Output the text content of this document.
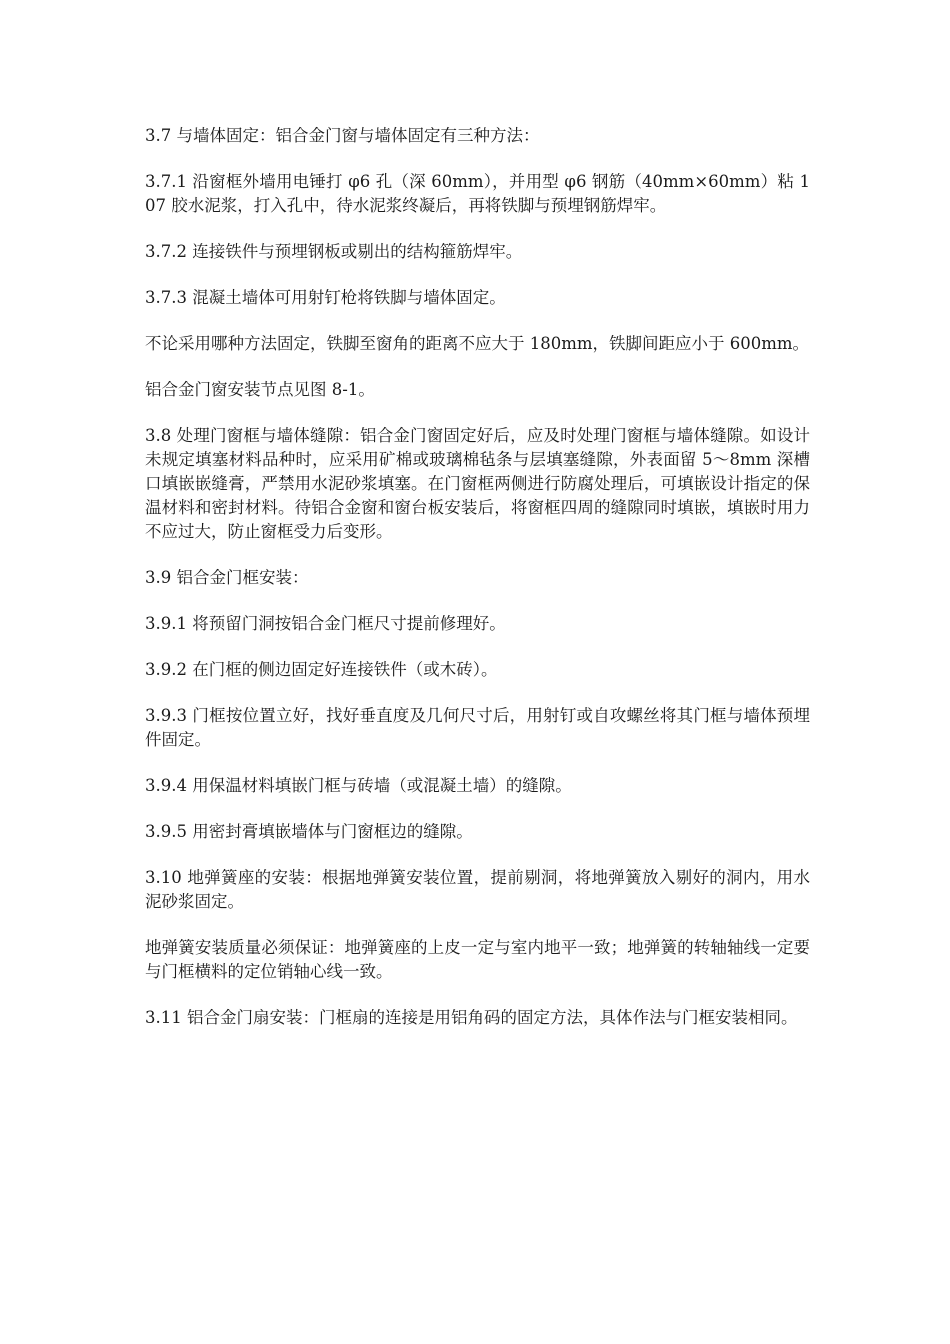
3.7 与墙体固定：铝合金门窗与墙体固定有三种方法：

3.7.1 沿窗框外墙用电锤打 φ6 孔（深 60mm），并用型 φ6 钢筋（40mm×60mm）粘 107 胶水泥浆，打入孔中，待水泥浆终凝后，再将铁脚与预埋钢筋焊牢。

3.7.2 连接铁件与预埋钢板或剔出的结构箍筋焊牢。

3.7.3 混凝土墙体可用射钉枪将铁脚与墙体固定。

不论采用哪种方法固定，铁脚至窗角的距离不应大于 180mm，铁脚间距应小于 600mm。

铝合金门窗安装节点见图 8-1。

3.8 处理门窗框与墙体缝隙：铝合金门窗固定好后，应及时处理门窗框与墙体缝隙。如设计未规定填塞材料品种时，应采用矿棉或玻璃棉毡条与层填塞缝隙，外表面留 5～8mm 深槽口填嵌嵌缝膏，严禁用水泥砂浆填塞。在门窗框两侧进行防腐处理后，可填嵌设计指定的保温材料和密封材料。待铝合金窗和窗台板安装后，将窗框四周的缝隙同时填嵌，填嵌时用力不应过大，防止窗框受力后变形。

3.9 铝合金门框安装：

3.9.1 将预留门洞按铝合金门框尺寸提前修理好。

3.9.2 在门框的侧边固定好连接铁件（或木砖）。

3.9.3 门框按位置立好，找好垂直度及几何尺寸后，用射钉或自攻螺丝将其门框与墙体预埋件固定。

3.9.4 用保温材料填嵌门框与砖墙（或混凝土墙）的缝隙。

3.9.5 用密封膏填嵌墙体与门窗框边的缝隙。

3.10 地弹簧座的安装：根据地弹簧安装位置，提前剔洞，将地弹簧放入剔好的洞内，用水泥砂浆固定。

地弹簧安装质量必须保证：地弹簧座的上皮一定与室内地平一致；地弹簧的转轴轴线一定要与门框横料的定位销轴心线一致。

3.11 铝合金门扇安装：门框扇的连接是用铝角码的固定方法，具体作法与门框安装相同。
